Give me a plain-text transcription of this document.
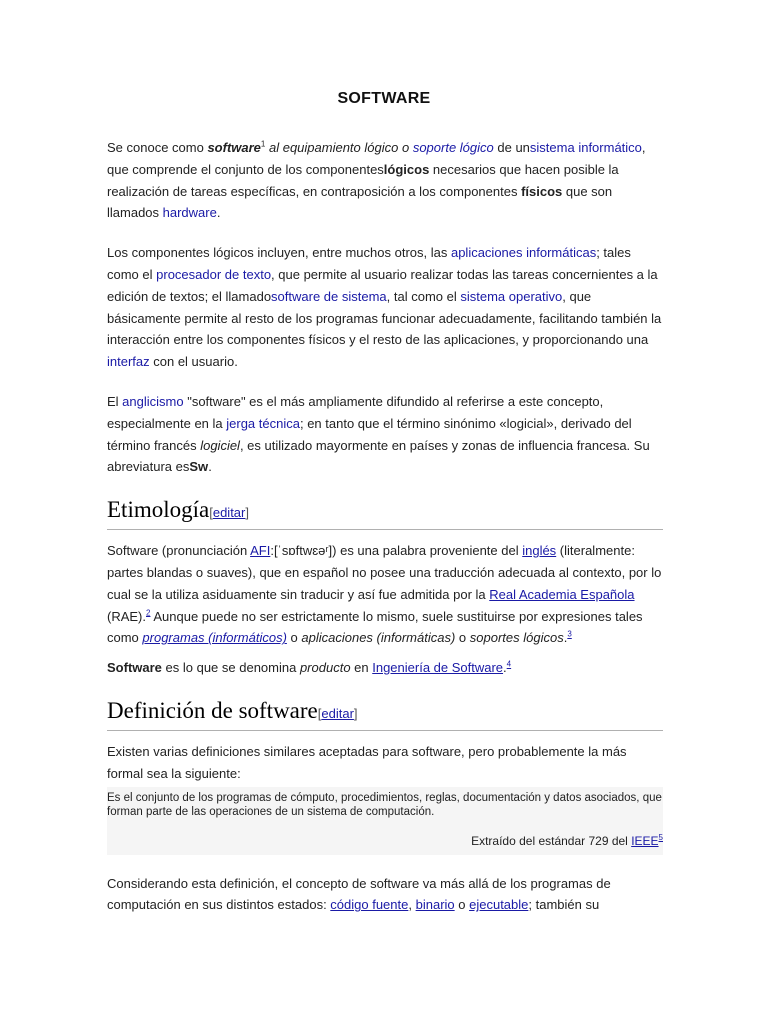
SOFTWARE

Se conoce como software$^1$ al equipamiento lógico o soporte lógico de unsistema informático, que comprende el conjunto de los componenteslógicos necesarios que hacen posible la realización de tareas específicas, en contraposición a los componentes físicos que son llamados hardware.

Los componentes lógicos incluyen, entre muchos otros, las aplicaciones informáticas; tales como el procesador de texto, que permite al usuario realizar todas las tareas concernientes a la edición de textos; el llamadosoftware de sistema, tal como el sistema operativo, que básicamente permite al resto de los programas funcionar adecuadamente, facilitando también la interacción entre los componentes físicos y el resto de las aplicaciones, y proporcionando una interfaz con el usuario.

El anglicismo "software" es el más ampliamente difundido al referirse a este concepto, especialmente en la jerga técnica; en tanto que el término sinónimo «logicial», derivado del término francés logiciel, es utilizado mayormente en países y zonas de influencia francesa. Su abreviatura esSw.

Etimología[editar]

Software (pronunciación AFI:[ˈsɒftwɛəʳ]) es una palabra proveniente del inglés (literalmente: partes blandas o suaves), que en español no posee una traducción adecuada al contexto, por lo cual se la utiliza asiduamente sin traducir y así fue admitida por la Real Academia Española (RAE).$^2$ Aunque puede no ser estrictamente lo mismo, suele sustituirse por expresiones tales como programas (informáticos) o aplicaciones (informáticas) o soportes lógicos.$^3$

Software es lo que se denomina producto en Ingeniería de Software.$^4$

Definición de software[editar]

Existen varias definiciones similares aceptadas para software, pero probablemente la más formal sea la siguiente:

Es el conjunto de los programas de cómputo, procedimientos, reglas, documentación y datos asociados, que forman parte de las operaciones de un sistema de computación.
Extraído del estándar 729 del IEEE$^5$

Considerando esta definición, el concepto de software va más allá de los programas de computación en sus distintos estados: código fuente, binario o ejecutable; también su
